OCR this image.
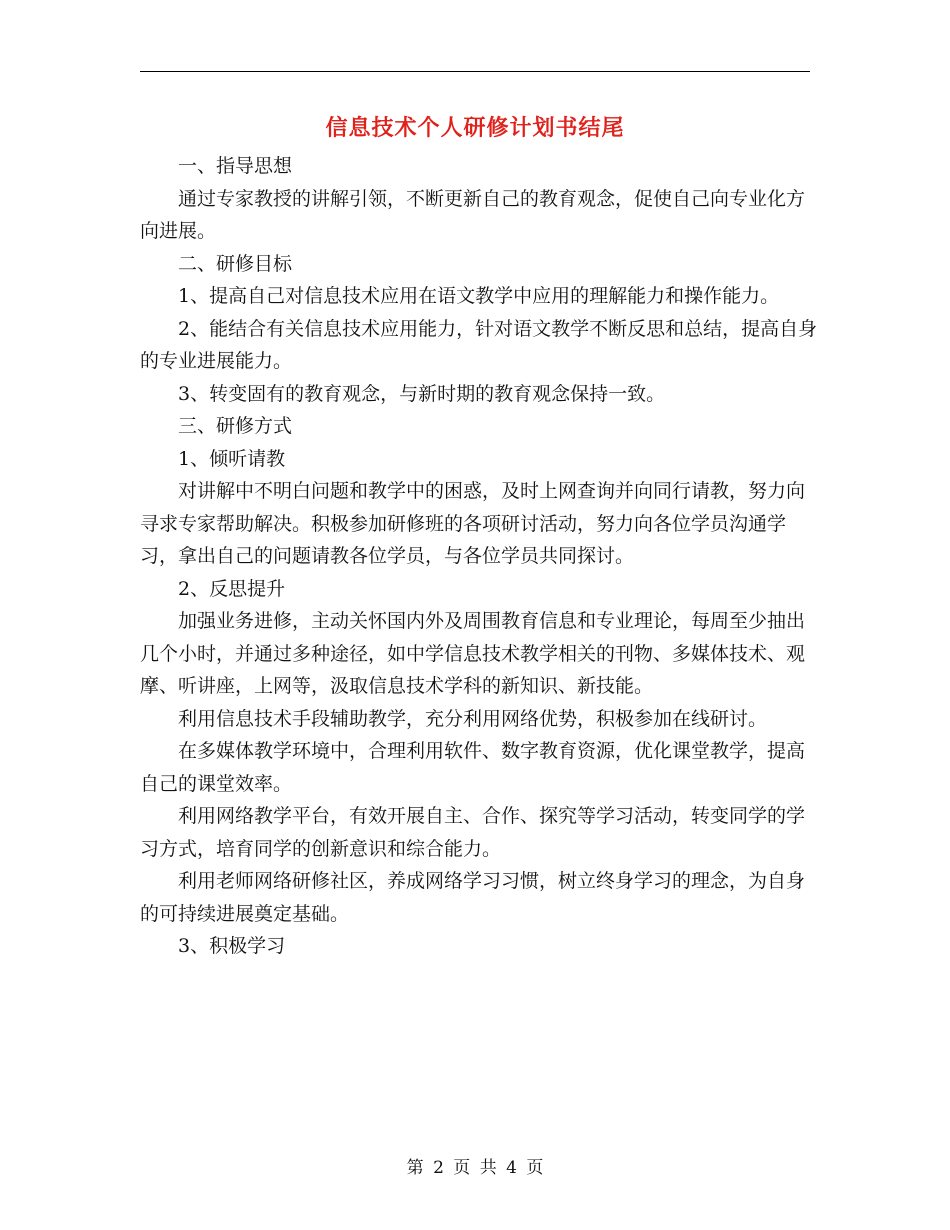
信息技术个人研修计划书结尾

一、指导思想

通过专家教授的讲解引领，不断更新自己的教育观念，促使自己向专业化方向进展。

二、研修目标

1、提高自己对信息技术应用在语文教学中应用的理解能力和操作能力。

2、能结合有关信息技术应用能力，针对语文教学不断反思和总结，提高自身的专业进展能力。

3、转变固有的教育观念，与新时期的教育观念保持一致。

三、研修方式

1、倾听请教

对讲解中不明白问题和教学中的困惑，及时上网查询并向同行请教，努力向寻求专家帮助解决。积极参加研修班的各项研讨活动，努力向各位学员沟通学习，拿出自己的问题请教各位学员，与各位学员共同探讨。

2、反思提升

加强业务进修，主动关怀国内外及周围教育信息和专业理论，每周至少抽出几个小时，并通过多种途径，如中学信息技术教学相关的刊物、多媒体技术、观摩、听讲座，上网等，汲取信息技术学科的新知识、新技能。

利用信息技术手段辅助教学，充分利用网络优势，积极参加在线研讨。

在多媒体教学环境中，合理利用软件、数字教育资源，优化课堂教学，提高自己的课堂效率。

利用网络教学平台，有效开展自主、合作、探究等学习活动，转变同学的学习方式，培育同学的创新意识和综合能力。

利用老师网络研修社区，养成网络学习习惯，树立终身学习的理念，为自身的可持续进展奠定基础。

3、积极学习

第 2 页 共 4 页
